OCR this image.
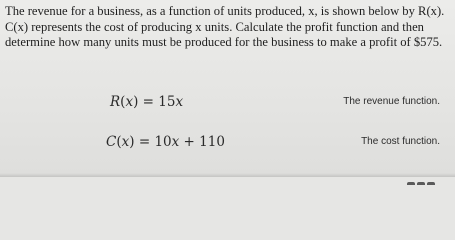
The revenue for a business, as a function of units produced, x, is shown below by R(x). C(x) represents the cost of producing x units. Calculate the profit function and then determine how many units must be produced for the business to make a profit of $575.

R(x) = 15x	The revenue function.
C(x) = 10x + 110	The cost function.
